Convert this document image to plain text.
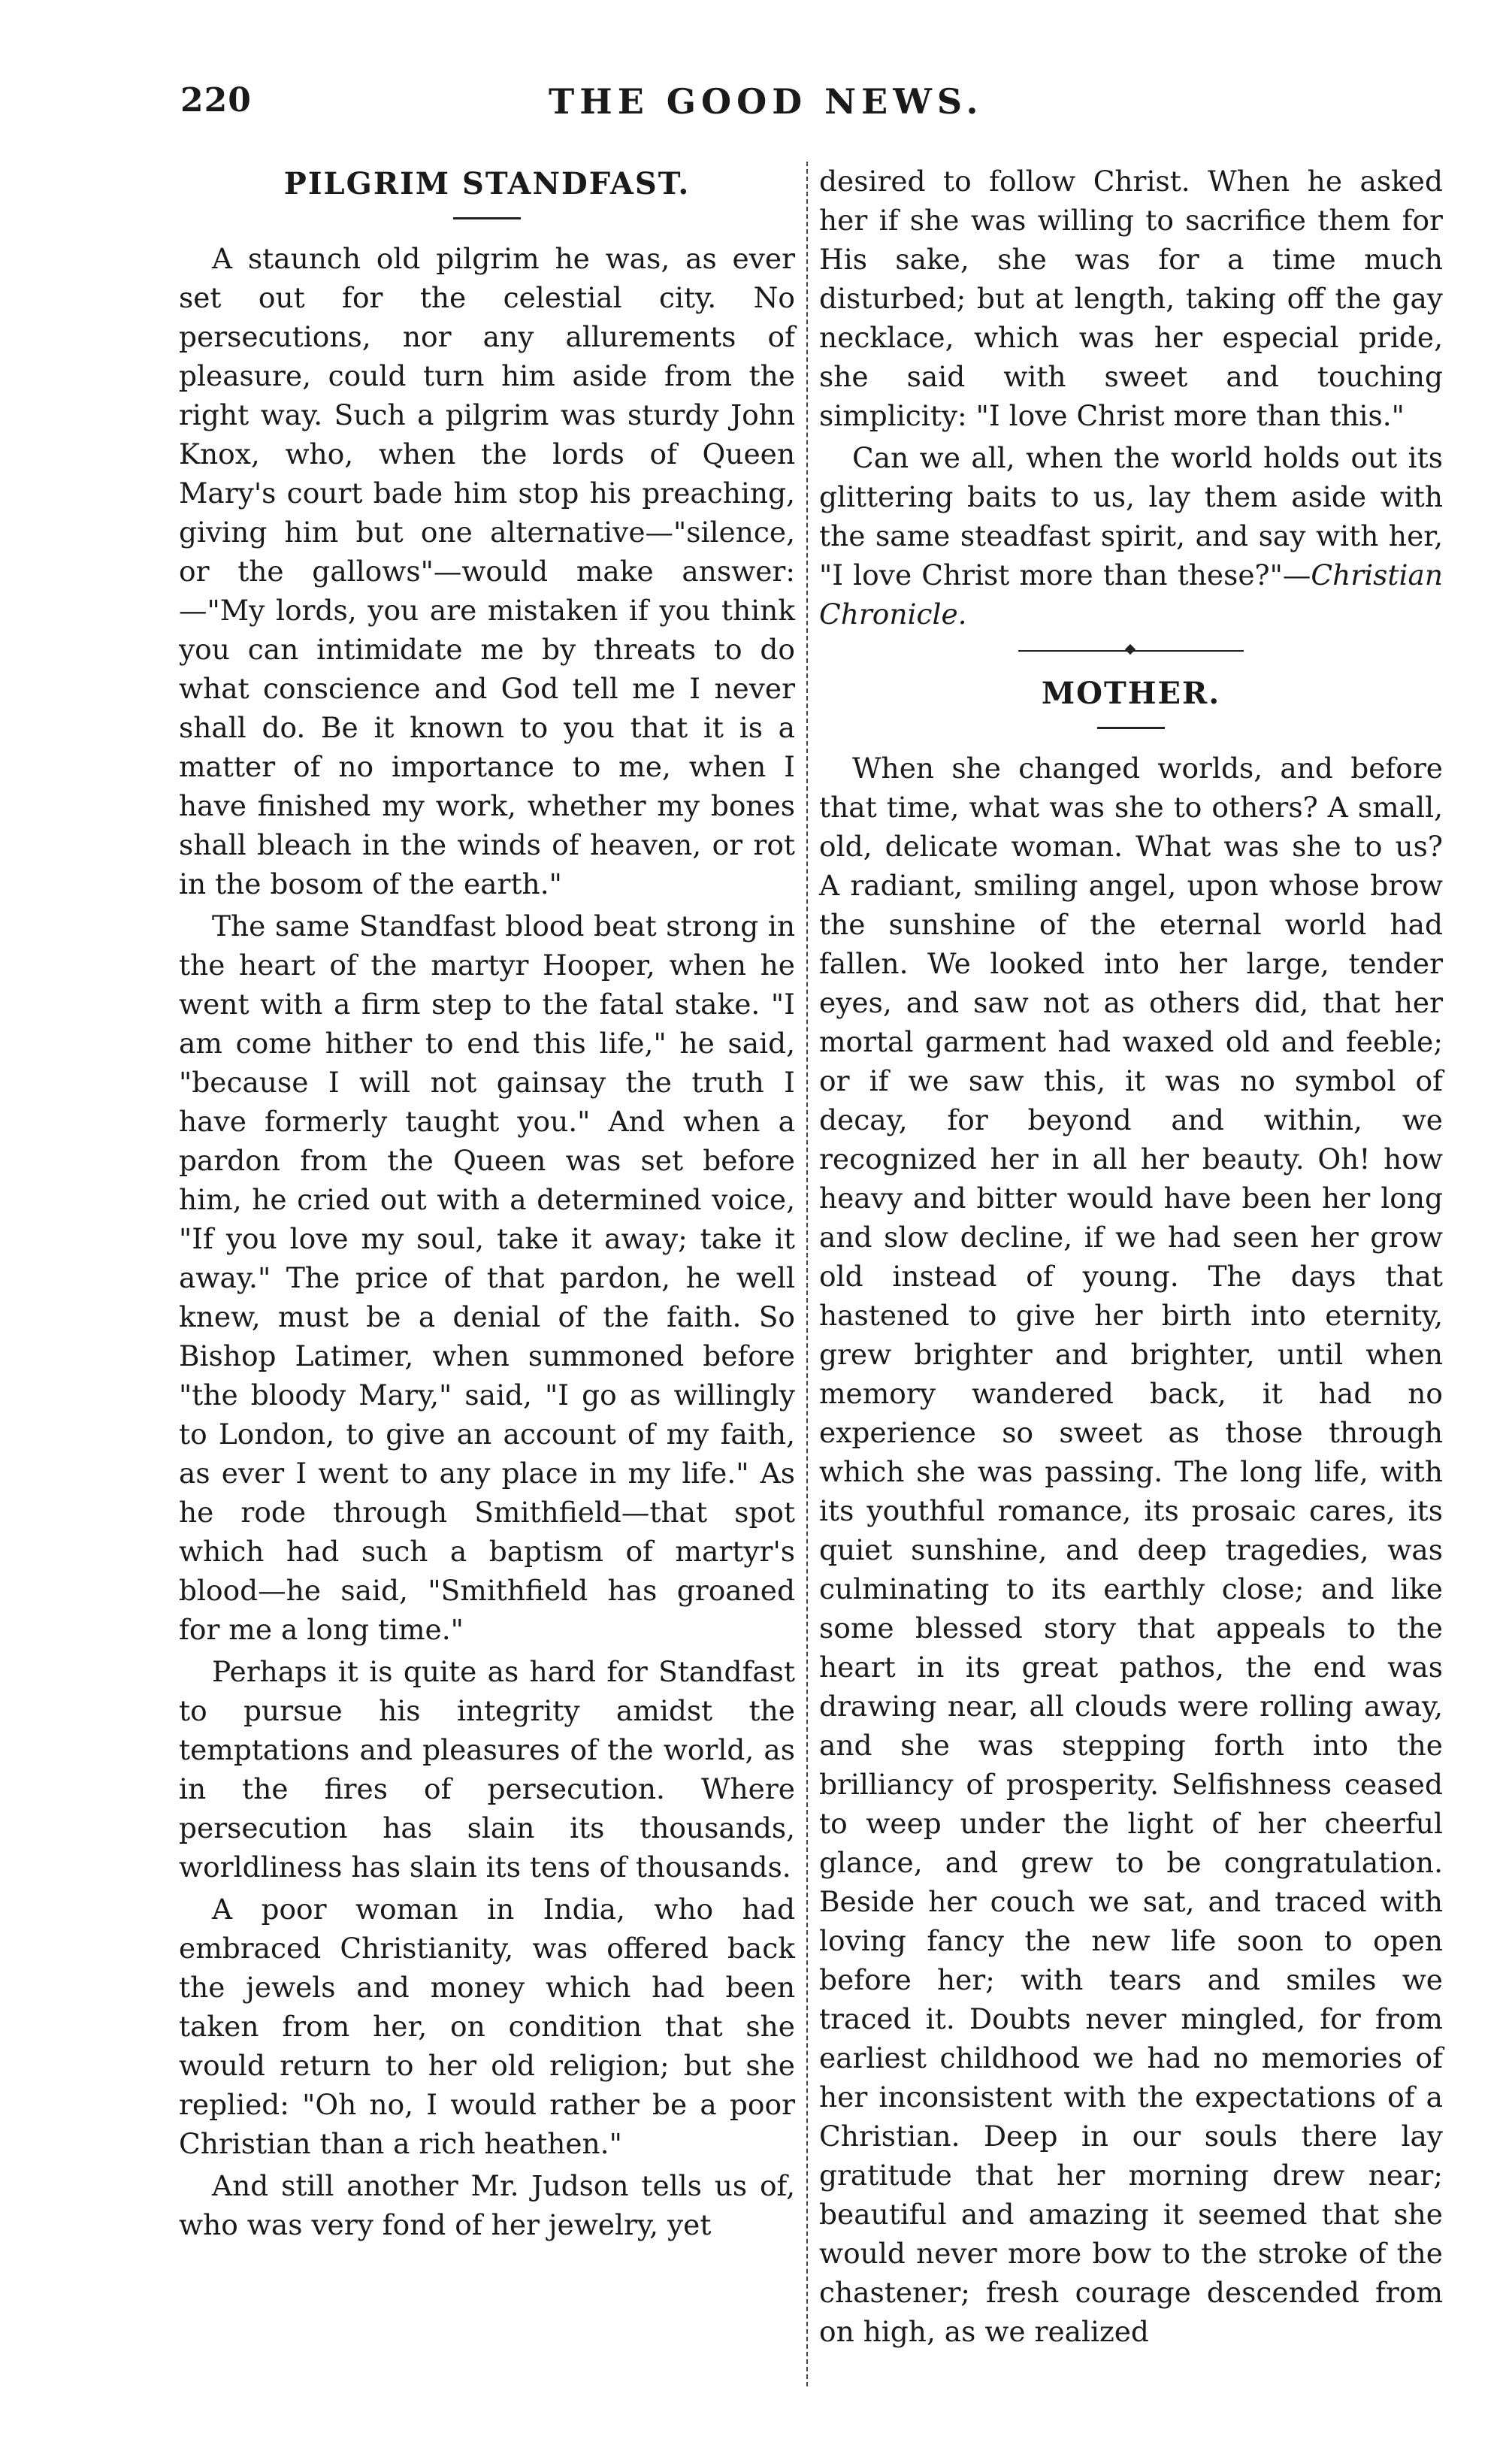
220	THE GOOD NEWS.
PILGRIM STANDFAST.

A staunch old pilgrim he was, as ever set out for the celestial city. No persecutions, nor any allurements of pleasure, could turn him aside from the right way. Such a pilgrim was sturdy John Knox, who, when the lords of Queen Mary's court bade him stop his preaching, giving him but one alternative—"silence, or the gallows"—would make answer:—"My lords, you are mistaken if you think you can intimidate me by threats to do what conscience and God tell me I never shall do. Be it known to you that it is a matter of no importance to me, when I have finished my work, whether my bones shall bleach in the winds of heaven, or rot in the bosom of the earth."

The same Standfast blood beat strong in the heart of the martyr Hooper, when he went with a firm step to the fatal stake. "I am come hither to end this life," he said, "because I will not gainsay the truth I have formerly taught you." And when a pardon from the Queen was set before him, he cried out with a determined voice, "If you love my soul, take it away; take it away." The price of that pardon, he well knew, must be a denial of the faith. So Bishop Latimer, when summoned before "the bloody Mary," said, "I go as willingly to London, to give an account of my faith, as ever I went to any place in my life." As he rode through Smithfield—that spot which had such a baptism of martyr's blood—he said, "Smithfield has groaned for me a long time."

Perhaps it is quite as hard for Standfast to pursue his integrity amidst the temptations and pleasures of the world, as in the fires of persecution. Where persecution has slain its thousands, worldliness has slain its tens of thousands.

A poor woman in India, who had embraced Christianity, was offered back the jewels and money which had been taken from her, on condition that she would return to her old religion; but she replied: "Oh no, I would rather be a poor Christian than a rich heathen."

And still another Mr. Judson tells us of, who was very fond of her jewelry, yet

desired to follow Christ. When he asked her if she was willing to sacrifice them for His sake, she was for a time much disturbed; but at length, taking off the gay necklace, which was her especial pride, she said with sweet and touching simplicity: "I love Christ more than this."

Can we all, when the world holds out its glittering baits to us, lay them aside with the same steadfast spirit, and say with her, "I love Christ more than these?"—Christian Chronicle.

MOTHER.

When she changed worlds, and before that time, what was she to others? A small, old, delicate woman. What was she to us? A radiant, smiling angel, upon whose brow the sunshine of the eternal world had fallen. We looked into her large, tender eyes, and saw not as others did, that her mortal garment had waxed old and feeble; or if we saw this, it was no symbol of decay, for beyond and within, we recognized her in all her beauty. Oh! how heavy and bitter would have been her long and slow decline, if we had seen her grow old instead of young. The days that hastened to give her birth into eternity, grew brighter and brighter, until when memory wandered back, it had no experience so sweet as those through which she was passing. The long life, with its youthful romance, its prosaic cares, its quiet sunshine, and deep tragedies, was culminating to its earthly close; and like some blessed story that appeals to the heart in its great pathos, the end was drawing near, all clouds were rolling away, and she was stepping forth into the brilliancy of prosperity. Selfishness ceased to weep under the light of her cheerful glance, and grew to be congratulation. Beside her couch we sat, and traced with loving fancy the new life soon to open before her; with tears and smiles we traced it. Doubts never mingled, for from earliest childhood we had no memories of her inconsistent with the expectations of a Christian. Deep in our souls there lay gratitude that her morning drew near; beautiful and amazing it seemed that she would never more bow to the stroke of the chastener; fresh courage descended from on high, as we realized
